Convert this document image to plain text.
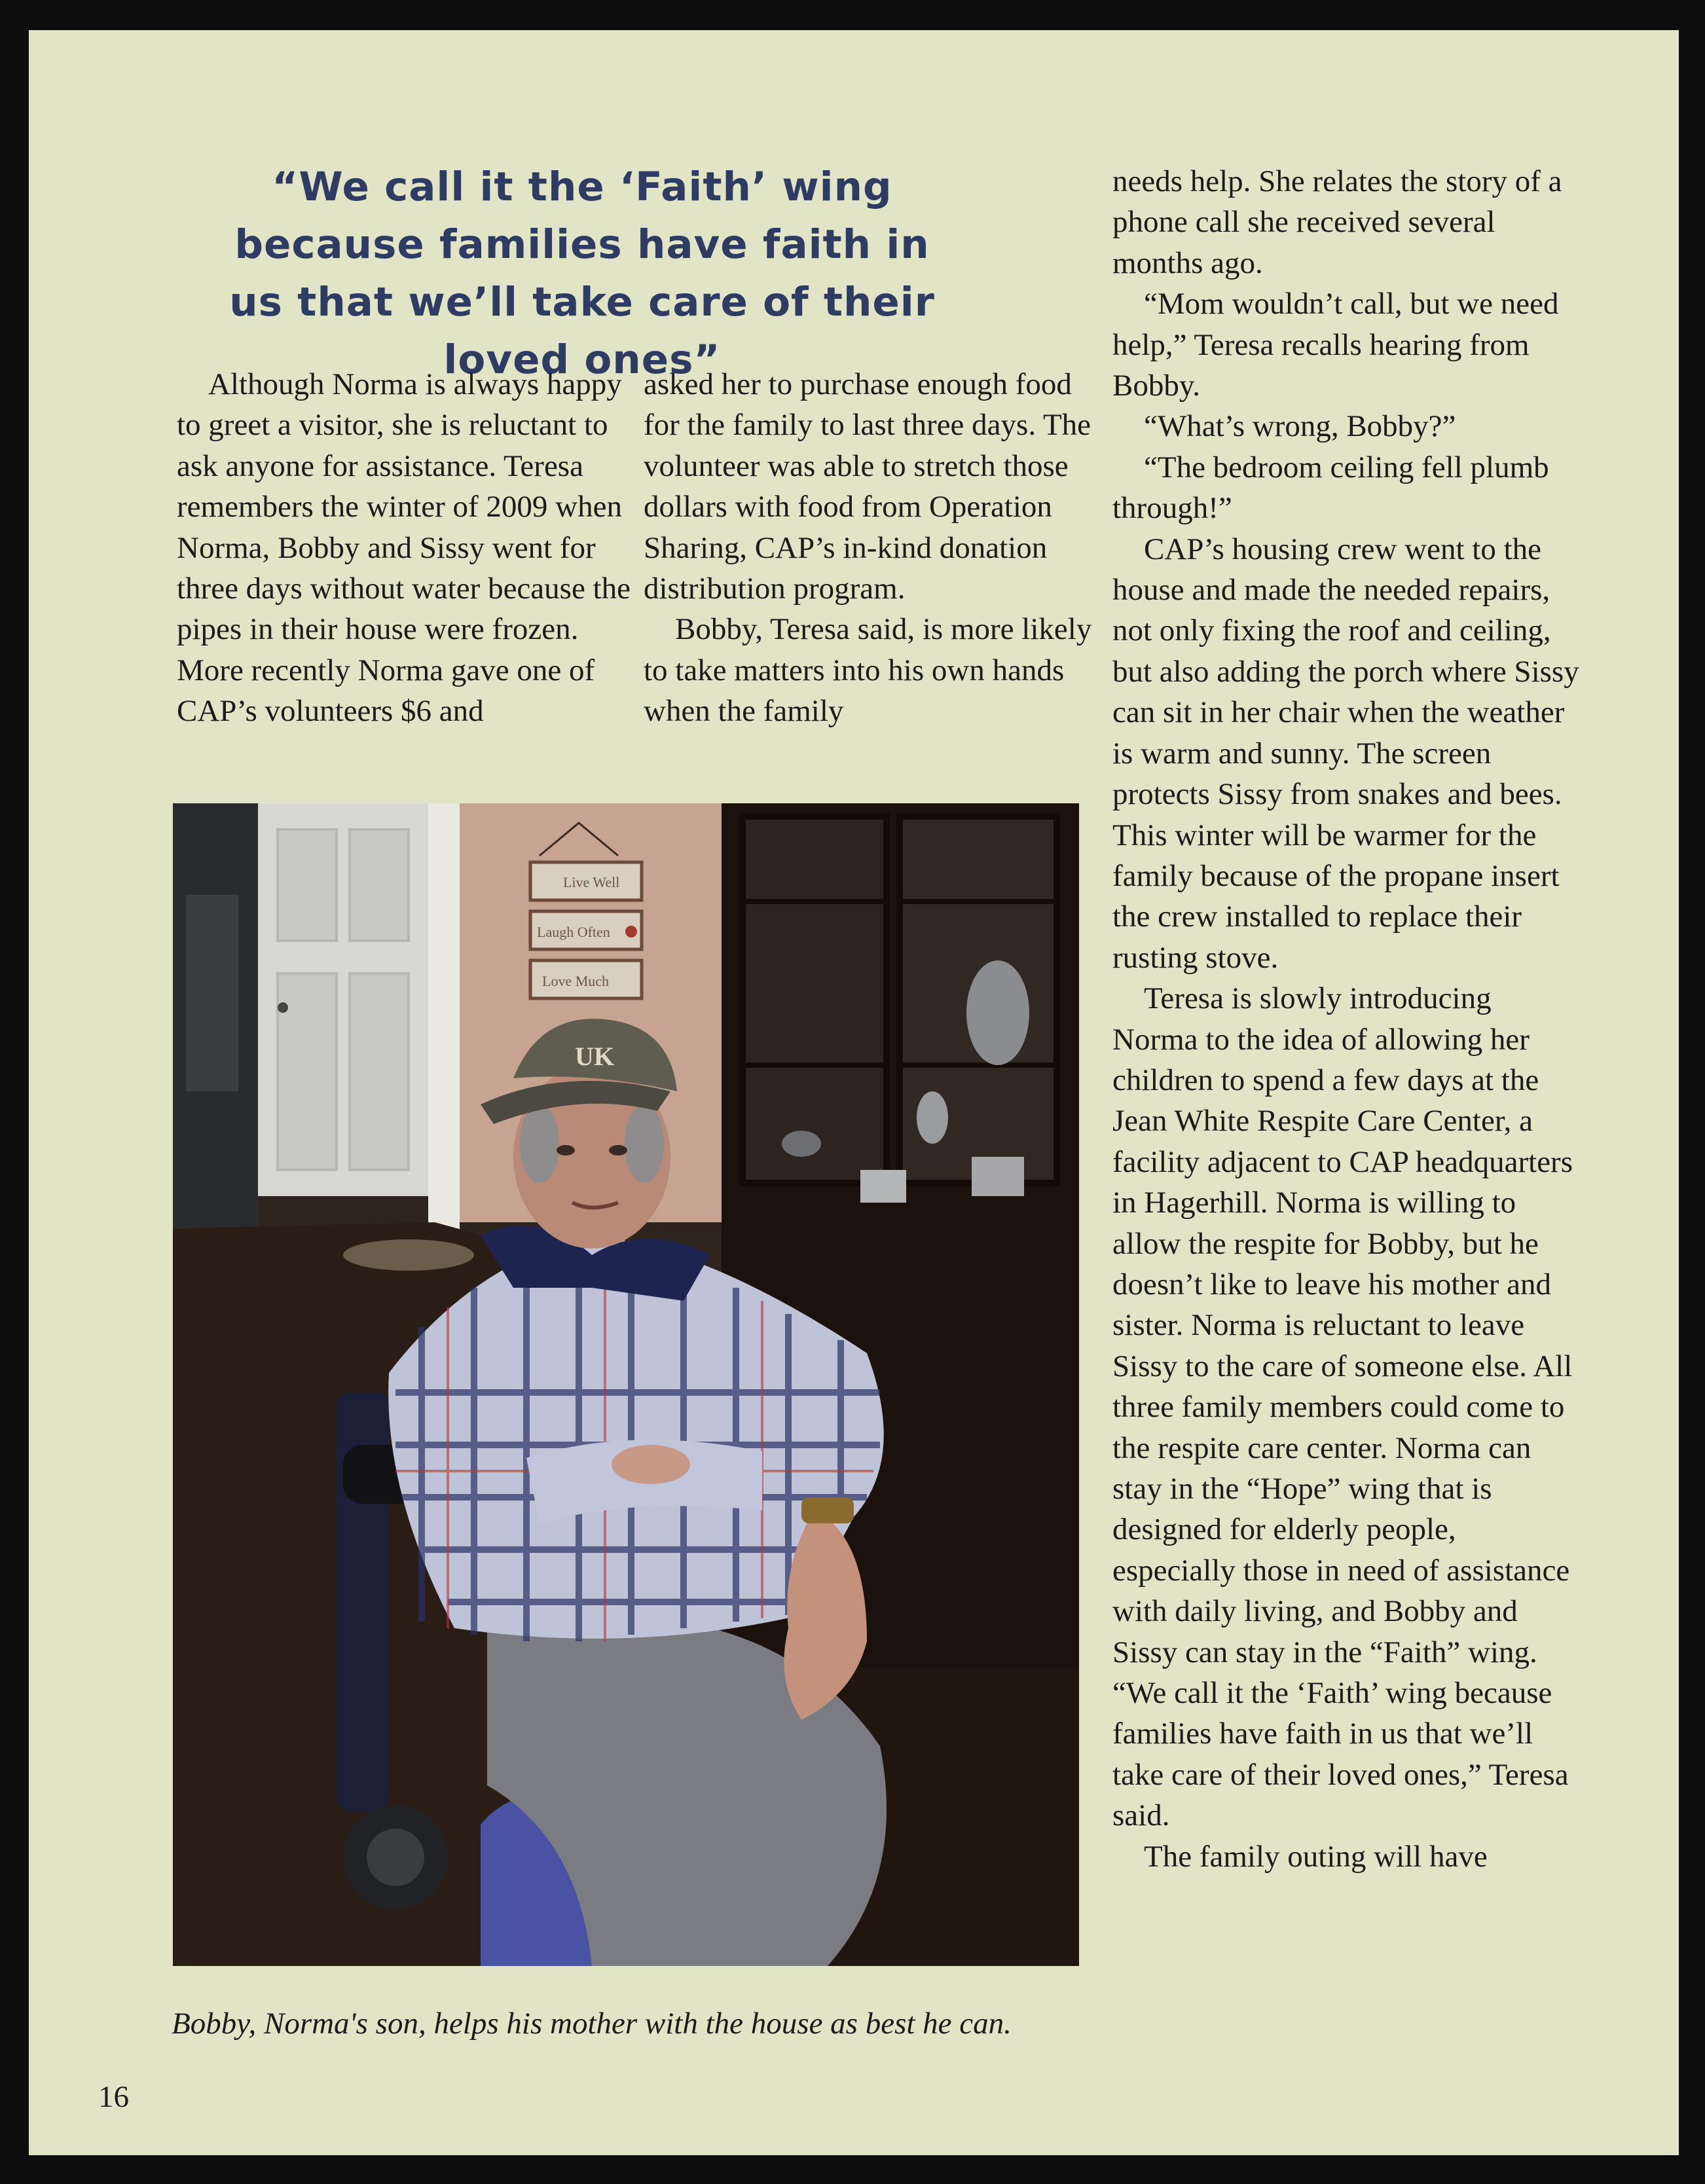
“We call it the ‘Faith’ wing because families have faith in us that we’ll take care of their loved ones”

Although Norma is always happy to greet a visitor, she is reluctant to ask anyone for assistance. Teresa remembers the winter of 2009 when Norma, Bobby and Sissy went for three days without water because the pipes in their house were frozen. More recently Norma gave one of CAP’s volunteers $6 and

asked her to purchase enough food for the family to last three days. The volunteer was able to stretch those dollars with food from Operation Sharing, CAP’s in-kind donation distribution program.

Bobby, Teresa said, is more likely to take matters into his own hands when the family

needs help. She relates the story of a phone call she received several months ago.

“Mom wouldn’t call, but we need help,” Teresa recalls hearing from Bobby.

“What’s wrong, Bobby?”

“The bedroom ceiling fell plumb through!”

CAP’s housing crew went to the house and made the needed repairs, not only fixing the roof and ceiling, but also adding the porch where Sissy can sit in her chair when the weather is warm and sunny. The screen protects Sissy from snakes and bees. This winter will be warmer for the family because of the propane insert the crew installed to replace their rusting stove.

Teresa is slowly introducing Norma to the idea of allowing her children to spend a few days at the Jean White Respite Care Center, a facility adjacent to CAP headquarters in Hagerhill. Norma is willing to allow the respite for Bobby, but he doesn’t like to leave his mother and sister. Norma is reluctant to leave Sissy to the care of someone else. All three family members could come to the respite care center. Norma can stay in the “Hope” wing that is designed for elderly people, especially those in need of assistance with daily living, and Bobby and Sissy can stay in the “Faith” wing. “We call it the ‘Faith’ wing because families have faith in us that we’ll take care of their loved ones,” Teresa said.

The family outing will have

Live Well
Laugh Often
Love Much
UK
Bobby, Norma's son, helps his mother with the house as best he can.
16
